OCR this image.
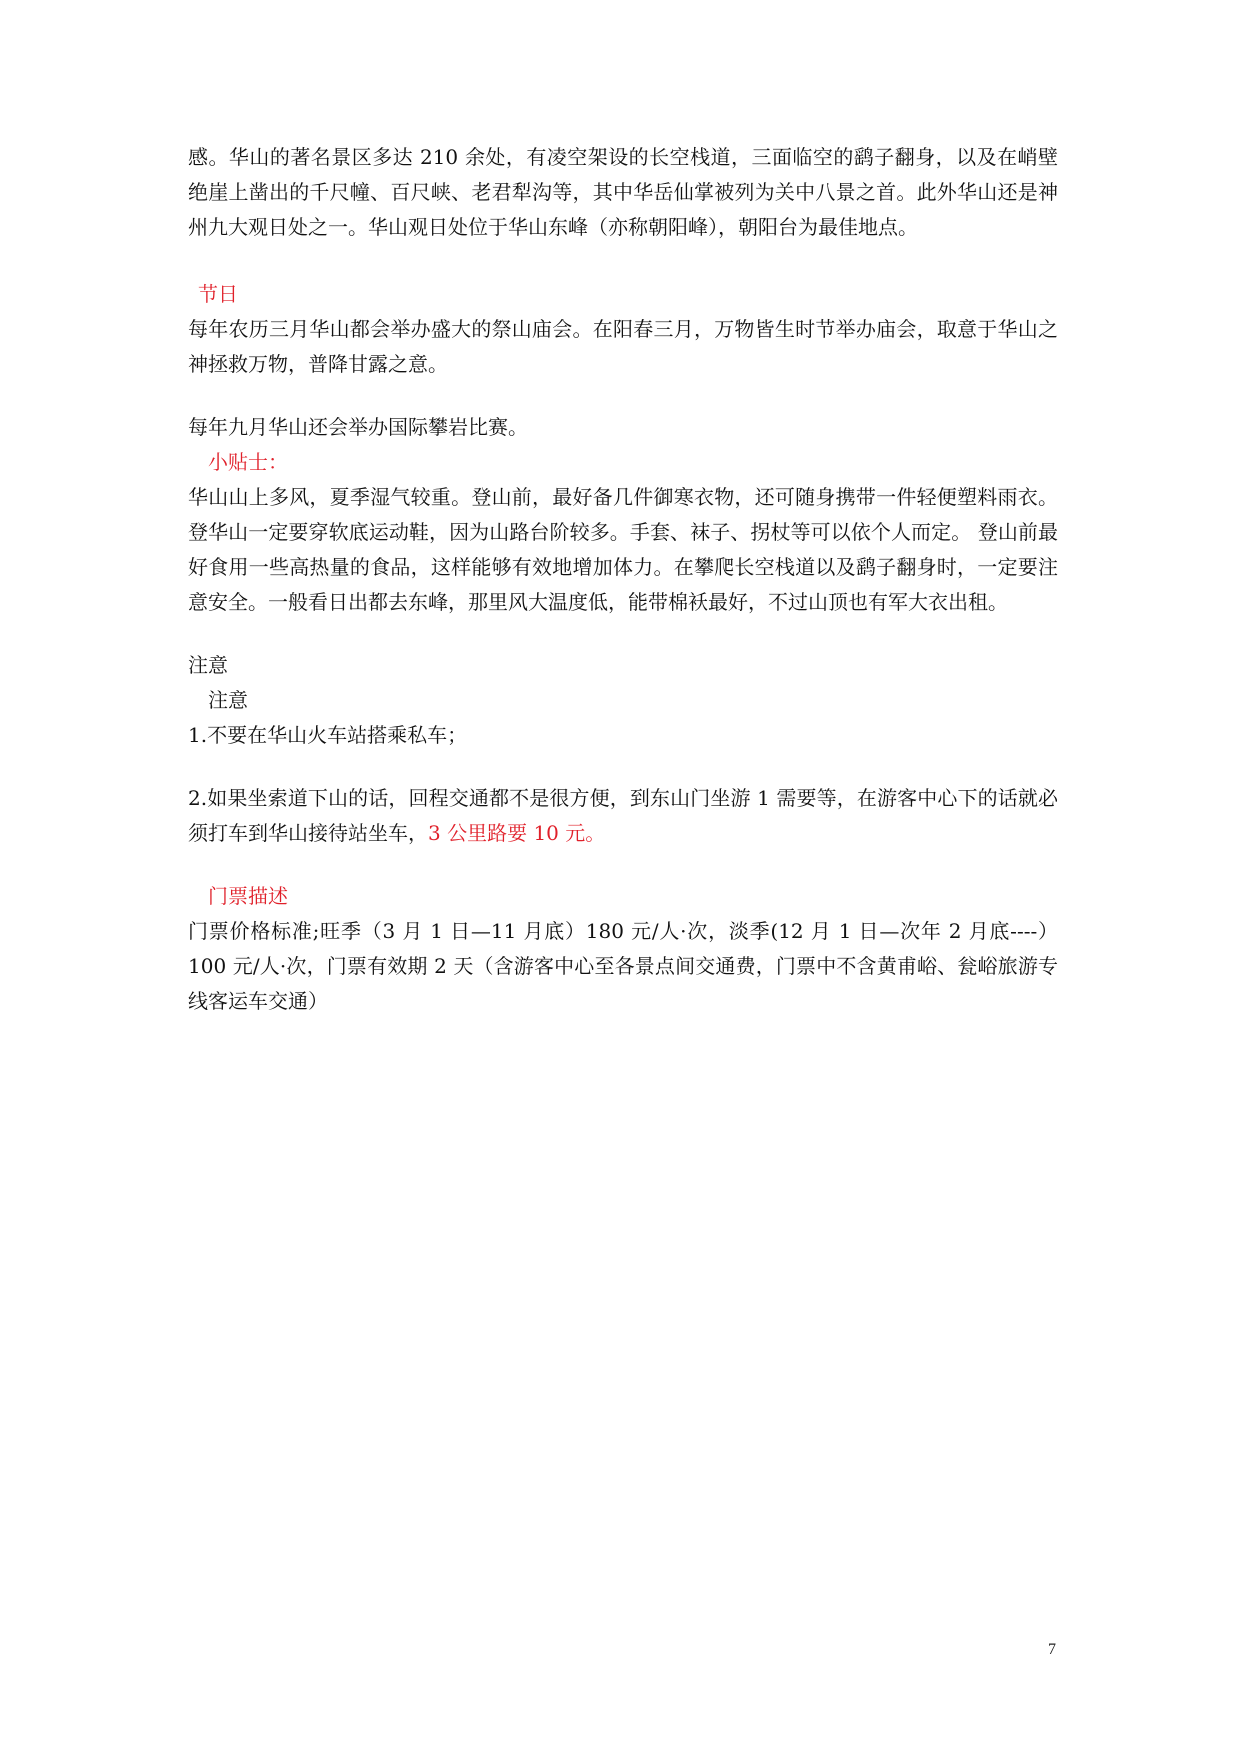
感。华山的著名景区多达 210 余处，有凌空架设的长空栈道，三面临空的鹞子翻身，以及在峭壁绝崖上凿出的千尺幢、百尺峡、老君犁沟等，其中华岳仙掌被列为关中八景之首。此外华山还是神州九大观日处之一。华山观日处位于华山东峰（亦称朝阳峰），朝阳台为最佳地点。

节日

每年农历三月华山都会举办盛大的祭山庙会。在阳春三月，万物皆生时节举办庙会，取意于华山之神拯救万物，普降甘露之意。

每年九月华山还会举办国际攀岩比赛。

小贴士：

华山山上多风，夏季湿气较重。登山前，最好备几件御寒衣物，还可随身携带一件轻便塑料雨衣。登华山一定要穿软底运动鞋，因为山路台阶较多。手套、袜子、拐杖等可以依个人而定。 登山前最好食用一些高热量的食品，这样能够有效地增加体力。在攀爬长空栈道以及鹞子翻身时，一定要注意安全。一般看日出都去东峰，那里风大温度低，能带棉袄最好，不过山顶也有军大衣出租。

注意

注意

1.不要在华山火车站搭乘私车；

2.如果坐索道下山的话，回程交通都不是很方便，到东山门坐游 1 需要等，在游客中心下的话就必须打车到华山接待站坐车，3 公里路要 10 元。

门票描述

门票价格标准;旺季（3 月 1 日—11 月底）180 元/人·次，淡季(12 月 1 日—次年 2 月底----）100 元/人·次，门票有效期 2 天（含游客中心至各景点间交通费，门票中不含黄甫峪、瓮峪旅游专线客运车交通）

7
